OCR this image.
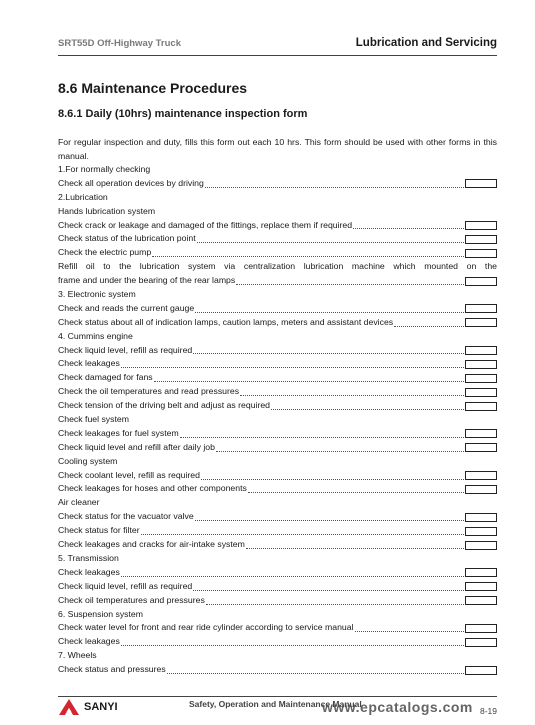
SRT55D Off-Highway Truck	Lubrication and Servicing
8.6 Maintenance Procedures
8.6.1 Daily (10hrs) maintenance inspection form
For regular inspection and duty, fills this form out each 10 hrs. This form should be used with other forms in this manual.
1.For normally checking
Check all operation devices by driving
2.Lubrication
Hands lubrication system
Check crack or leakage and damaged of the fittings, replace them if required
Check status of the lubrication point
Check the electric pump
Refill oil to the lubrication system via centralization lubrication machine which mounted on the
frame and under the bearing of the rear lamps
3. Electronic system
Check and reads the current gauge
Check status about all of indication lamps, caution lamps, meters and assistant devices
4. Cummins engine
Check liquid level, refill as required
Check leakages
Check damaged for fans
Check the oil temperatures and read pressures
Check tension of the driving belt and adjust as required
Check fuel system
Check leakages for fuel system
Check liquid level and refill after daily job
Cooling system
Check coolant level, refill as required
Check leakages for hoses and other components
Air cleaner
Check status for the vacuator valve
Check status for filter
Check leakages and cracks for air-intake system
5. Transmission
Check leakages
Check liquid level, refill as required
Check oil temperatures and pressures
6. Suspension system
Check water level for front and rear ride cylinder according to service manual
Check leakages
7. Wheels
Check status and pressures
SANYI	Safety, Operation and Maintenance Manual
www.epcatalogs.com 8-19
